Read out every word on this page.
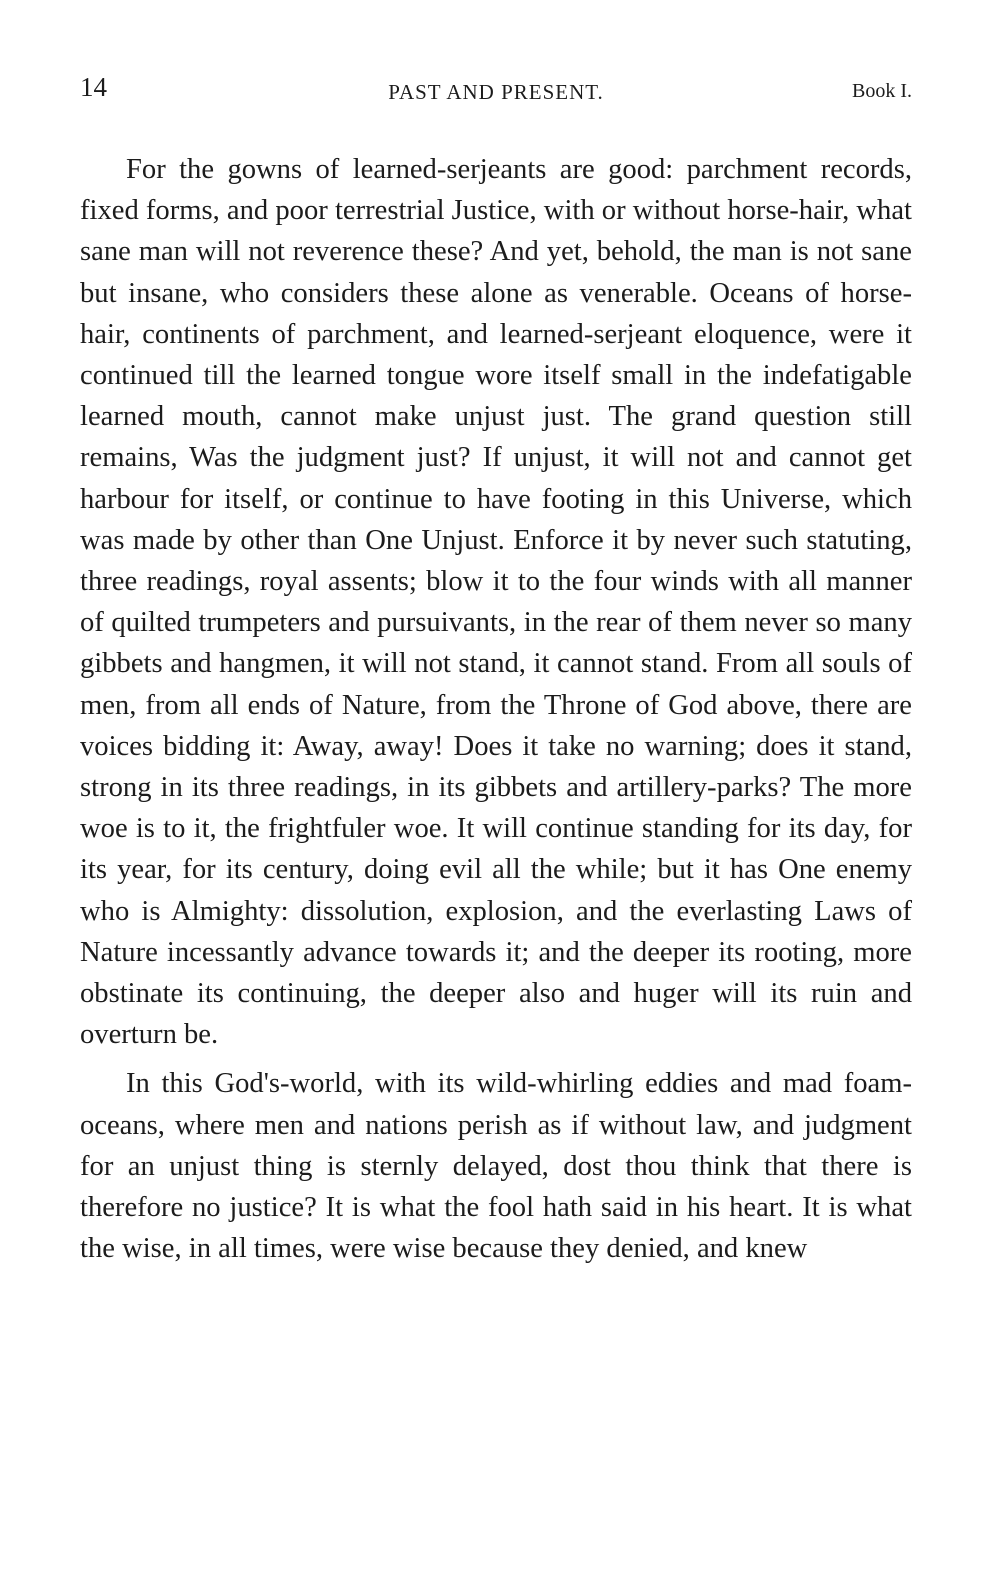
14	PAST AND PRESENT.	Book I.

For the gowns of learned-serjeants are good: parchment records, fixed forms, and poor terrestrial Justice, with or without horse-hair, what sane man will not reverence these? And yet, behold, the man is not sane but insane, who considers these alone as venerable. Oceans of horse-hair, continents of parchment, and learned-serjeant eloquence, were it continued till the learned tongue wore itself small in the indefatigable learned mouth, cannot make unjust just. The grand question still remains, Was the judgment just? If unjust, it will not and cannot get harbour for itself, or continue to have footing in this Universe, which was made by other than One Unjust. Enforce it by never such statuting, three readings, royal assents; blow it to the four winds with all manner of quilted trumpeters and pursuivants, in the rear of them never so many gibbets and hangmen, it will not stand, it cannot stand. From all souls of men, from all ends of Nature, from the Throne of God above, there are voices bidding it: Away, away! Does it take no warning; does it stand, strong in its three readings, in its gibbets and artillery-parks? The more woe is to it, the frightfuler woe. It will continue standing for its day, for its year, for its century, doing evil all the while; but it has One enemy who is Almighty: dissolution, explosion, and the everlasting Laws of Nature incessantly advance towards it; and the deeper its rooting, more obstinate its continuing, the deeper also and huger will its ruin and overturn be.

In this God's-world, with its wild-whirling eddies and mad foam-oceans, where men and nations perish as if without law, and judgment for an unjust thing is sternly delayed, dost thou think that there is therefore no justice? It is what the fool hath said in his heart. It is what the wise, in all times, were wise because they denied, and knew
